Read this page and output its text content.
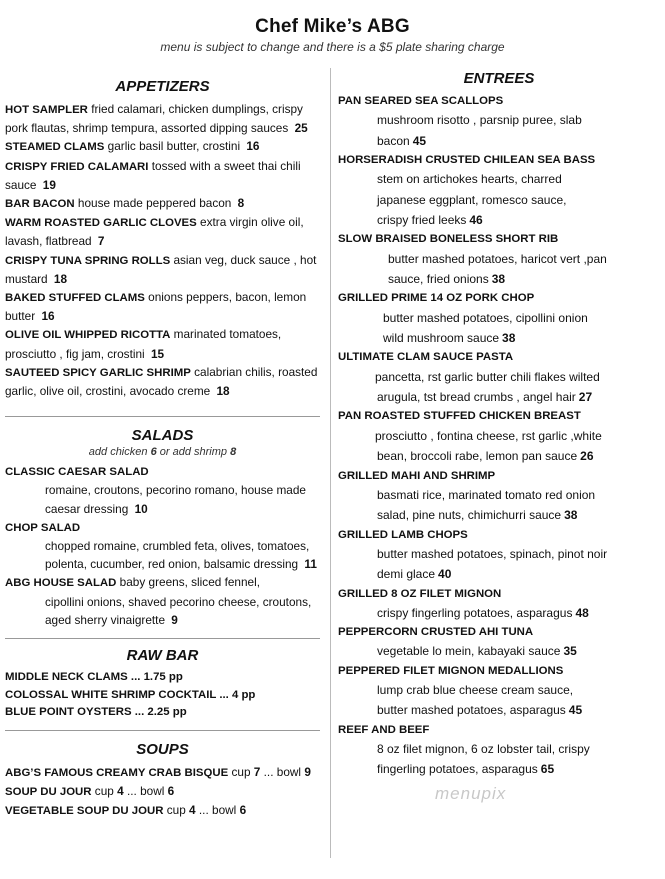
Chef Mike’s ABG
menu is subject to change and there is a $5 plate sharing charge
APPETIZERS
HOT SAMPLER fried calamari, chicken dumplings, crispy pork flautas, shrimp tempura, assorted dipping sauces 25
STEAMED CLAMS garlic basil butter, crostini 16
CRISPY FRIED CALAMARI tossed with a sweet thai chili sauce 19
BAR BACON house made peppered bacon 8
WARM ROASTED GARLIC CLOVES extra virgin olive oil, lavash, flatbread 7
CRISPY TUNA SPRING ROLLS asian veg, duck sauce , hot mustard 18
BAKED STUFFED CLAMS onions peppers, bacon, lemon butter 16
OLIVE OIL WHIPPED RICOTTA marinated tomatoes, prosciutto , fig jam, crostini 15
SAUTEED SPICY GARLIC SHRIMP calabrian chilis, roasted garlic, olive oil, crostini, avocado creme 18
SALADS
add chicken 6 or add shrimp 8
CLASSIC CAESAR SALAD
romaine, croutons, pecorino romano, house made caesar dressing 10
CHOP SALAD
chopped romaine, crumbled feta, olives, tomatoes, polenta, cucumber, red onion, balsamic dressing 11
ABG HOUSE SALAD baby greens, sliced fennel,
cipollini onions, shaved pecorino cheese, croutons, aged sherry vinaigrette 9
RAW BAR
MIDDLE NECK CLAMS ... 1.75 pp
COLOSSAL WHITE SHRIMP COCKTAIL ... 4 pp
BLUE POINT OYSTERS ... 2.25 pp
SOUPS
ABG’S FAMOUS CREAMY CRAB BISQUE cup 7 ... bowl 9
SOUP DU JOUR cup 4 ... bowl 6
VEGETABLE SOUP DU JOUR cup 4 ... bowl 6
ENTREES
PAN SEARED SEA SCALLOPS
mushroom risotto , parsnip puree, slab
bacon 45
HORSERADISH CRUSTED CHILEAN SEA BASS
stem on artichokes hearts, charred
japanese eggplant, romesco sauce,
crispy fried leeks 46
SLOW BRAISED BONELESS SHORT RIB
butter mashed potatoes, haricot vert ,pan
sauce, fried onions 38
GRILLED PRIME 14 OZ PORK CHOP
butter mashed potatoes, cipollini onion
wild mushroom sauce 38
ULTIMATE CLAM SAUCE PASTA
pancetta, rst garlic butter chili flakes wilted
arugula, tst bread crumbs , angel hair 27
PAN ROASTED STUFFED CHICKEN BREAST
prosciutto , fontina cheese, rst garlic ,white
bean, broccoli rabe, lemon pan sauce 26
GRILLED MAHI AND SHRIMP
basmati rice, marinated tomato red onion
salad, pine nuts, chimichurri sauce 38
GRILLED LAMB CHOPS
butter mashed potatoes, spinach, pinot noir
demi glace 40
GRILLED 8 OZ FILET MIGNON
crispy fingerling potatoes, asparagus 48
PEPPERCORN CRUSTED AHI TUNA
vegetable lo mein, kabayaki sauce 35
PEPPERED FILET MIGNON MEDALLIONS
lump crab blue cheese cream sauce,
butter mashed potatoes, asparagus 45
REEF AND BEEF
8 oz filet mignon, 6 oz lobster tail, crispy
fingerling potatoes, asparagus 65
menupix
